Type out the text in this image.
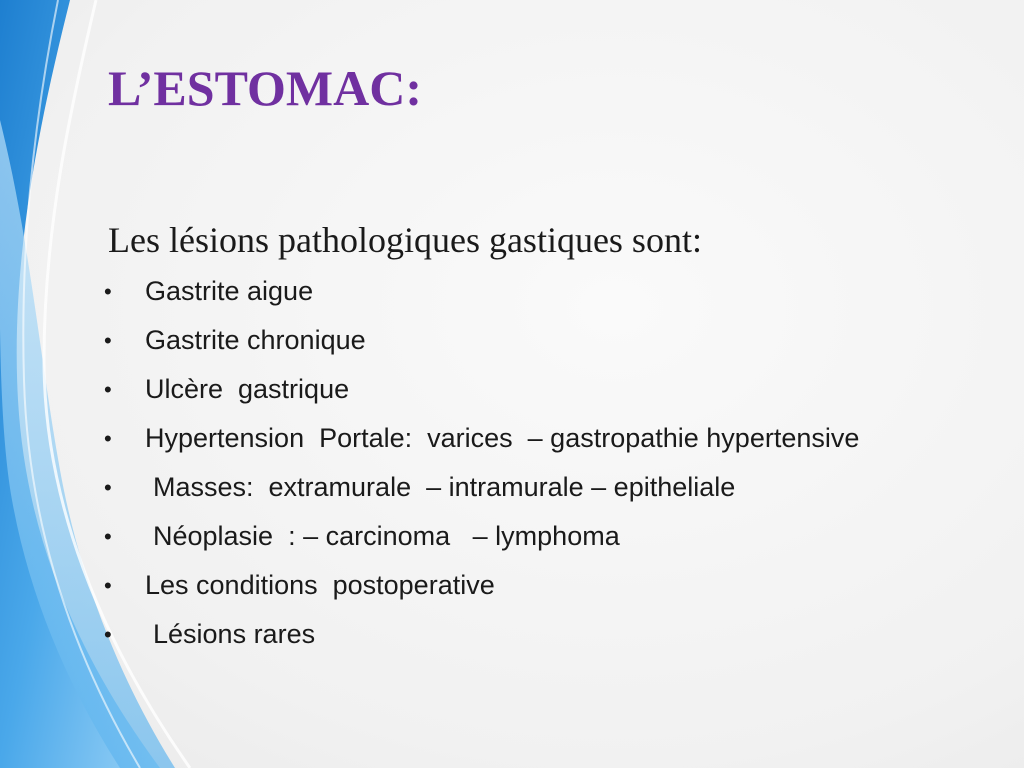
L’ESTOMAC:

Les lésions pathologiques gastiques sont:

•	Gastrite aigue
•	Gastrite chronique
•	Ulcère  gastrique
•	Hypertension  Portale:  varices  – gastropathie hypertensive
•	Masses:  extramurale  – intramurale – epitheliale
•	Néoplasie  : – carcinoma   – lymphoma
•	Les conditions  postoperative
•	Lésions rares
